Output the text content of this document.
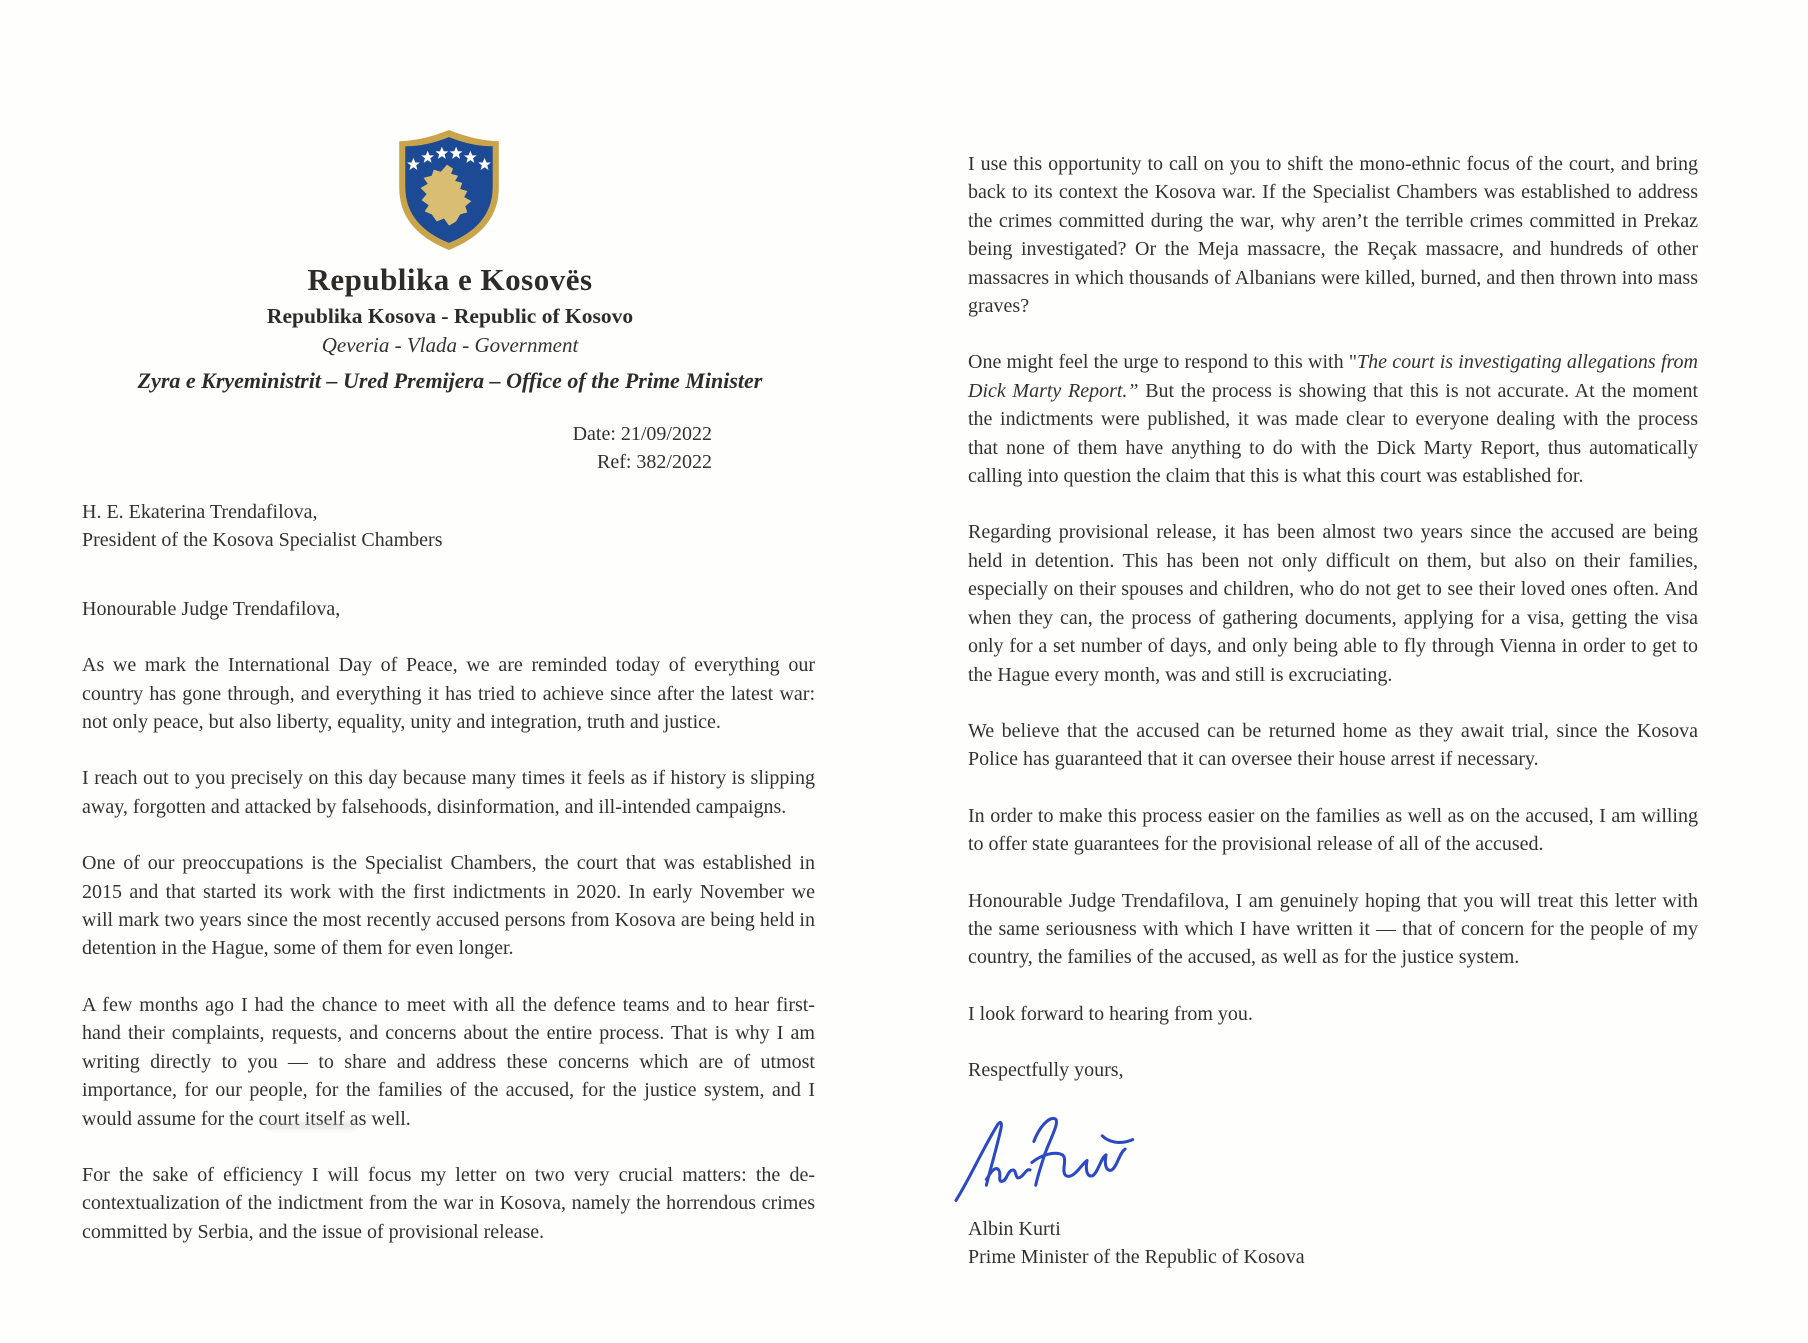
Republika e Kosovës
Republika Kosova - Republic of Kosovo
Qeveria - Vlada - Government
Zyra e Kryeministrit – Ured Premijera – Office of the Prime Minister
Date: 21/09/2022
Ref: 382/2022
H. E. Ekaterina Trendafilova,
President of the Kosova Specialist Chambers

Honourable Judge Trendafilova,

As we mark the International Day of Peace, we are reminded today of everything our country has gone through, and everything it has tried to achieve since after the latest war: not only peace, but also liberty, equality, unity and integration, truth and justice.

I reach out to you precisely on this day because many times it feels as if history is slipping away, forgotten and attacked by falsehoods, disinformation, and ill-intended campaigns.

One of our preoccupations is the Specialist Chambers, the court that was established in 2015 and that started its work with the first indictments in 2020. In early November we will mark two years since the most recently accused persons from Kosova are being held in detention in the Hague, some of them for even longer.

A few months ago I had the chance to meet with all the defence teams and to hear first-hand their complaints, requests, and concerns about the entire process. That is why I am writing directly to you — to share and address these concerns which are of utmost importance, for our people, for the families of the accused, for the justice system, and I would assume for the court itself as well.

For the sake of efficiency I will focus my letter on two very crucial matters: the de-contextualization of the indictment from the war in Kosova, namely the horrendous crimes committed by Serbia, and the issue of provisional release.

I use this opportunity to call on you to shift the mono-ethnic focus of the court, and bring back to its context the Kosova war. If the Specialist Chambers was established to address the crimes committed during the war, why aren’t the terrible crimes committed in Prekaz being investigated? Or the Meja massacre, the Reçak massacre, and hundreds of other massacres in which thousands of Albanians were killed, burned, and then thrown into mass graves?

One might feel the urge to respond to this with "The court is investigating allegations from Dick Marty Report.” But the process is showing that this is not accurate. At the moment the indictments were published, it was made clear to everyone dealing with the process that none of them have anything to do with the Dick Marty Report, thus automatically calling into question the claim that this is what this court was established for.

Regarding provisional release, it has been almost two years since the accused are being held in detention. This has been not only difficult on them, but also on their families, especially on their spouses and children, who do not get to see their loved ones often. And when they can, the process of gathering documents, applying for a visa, getting the visa only for a set number of days, and only being able to fly through Vienna in order to get to the Hague every month, was and still is excruciating.

We believe that the accused can be returned home as they await trial, since the Kosova Police has guaranteed that it can oversee their house arrest if necessary.

In order to make this process easier on the families as well as on the accused, I am willing to offer state guarantees for the provisional release of all of the accused.

Honourable Judge Trendafilova, I am genuinely hoping that you will treat this letter with the same seriousness with which I have written it — that of concern for the people of my country, the families of the accused, as well as for the justice system.

I look forward to hearing from you.

Respectfully yours,

Albin Kurti
Prime Minister of the Republic of Kosova
